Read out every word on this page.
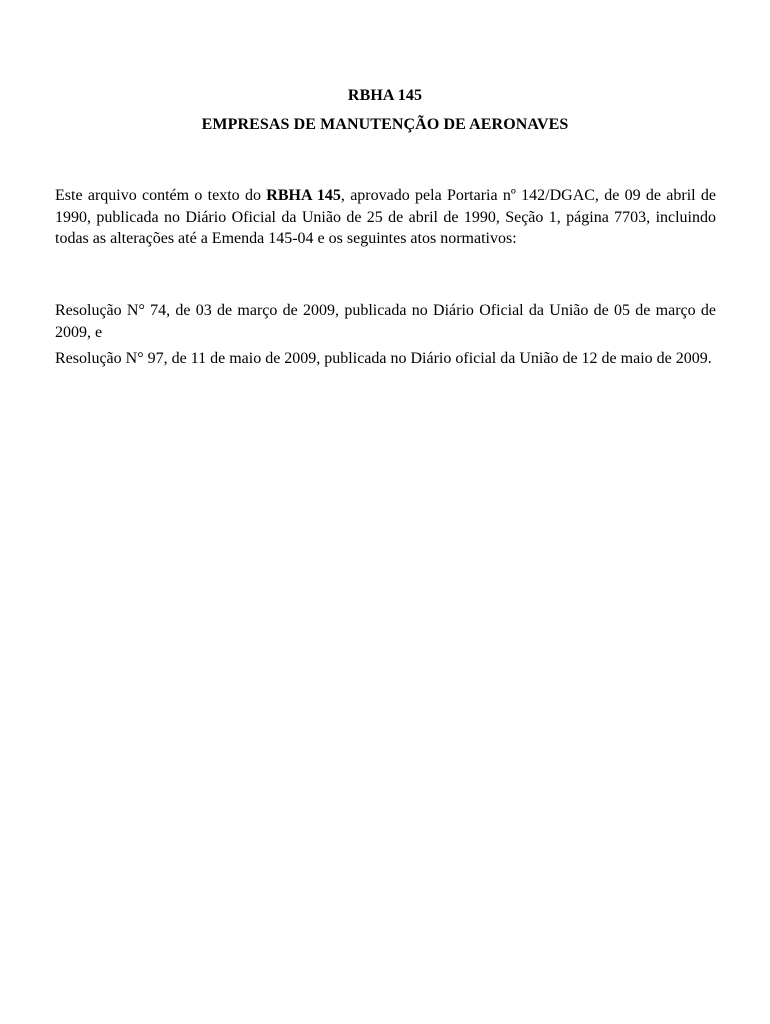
RBHA 145
EMPRESAS DE MANUTENÇÃO DE AERONAVES

Este arquivo contém o texto do RBHA 145, aprovado pela Portaria nº 142/DGAC, de 09 de abril de 1990, publicada no Diário Oficial da União de 25 de abril de 1990, Seção 1, página 7703, incluindo todas as alterações até a Emenda 145-04 e os seguintes atos normativos:

Resolução N° 74, de 03 de março de 2009, publicada no Diário Oficial da União de 05 de março de 2009, e

Resolução N° 97, de 11 de maio de 2009, publicada no Diário oficial da União de 12 de maio de 2009.
